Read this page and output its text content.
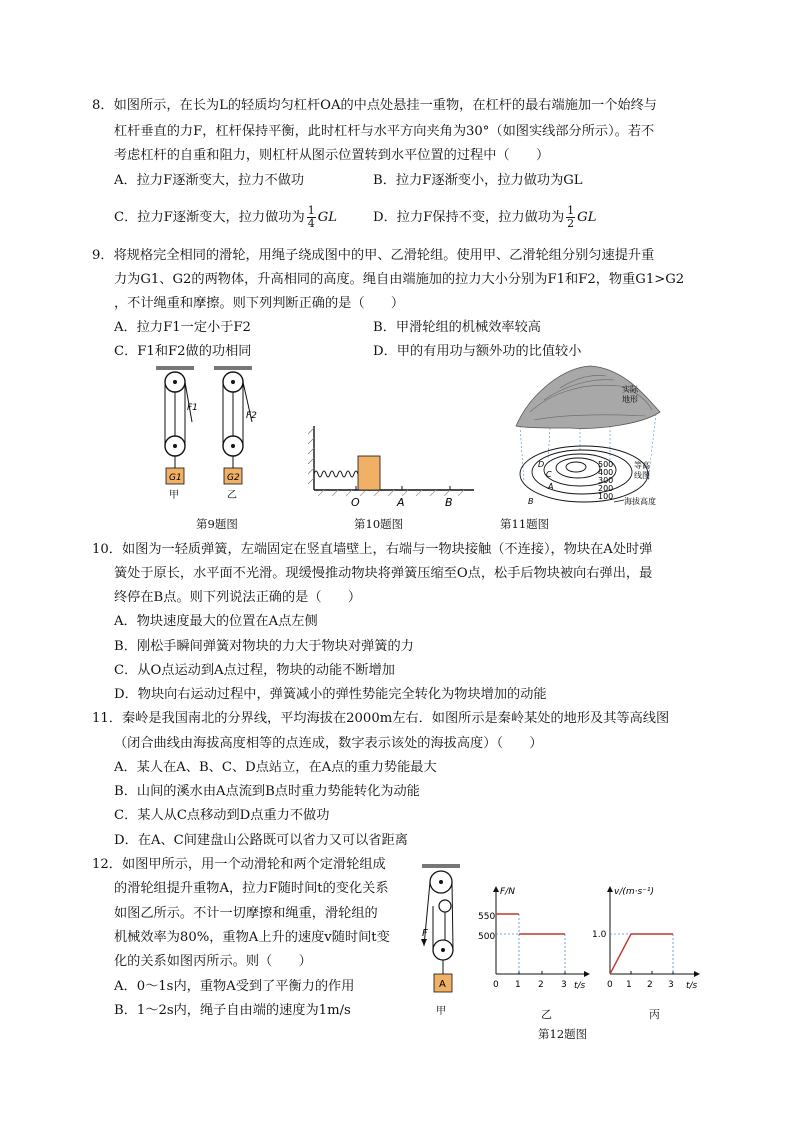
8．如图所示，在长为L的轻质均匀杠杆OA的中点处悬挂一重物，在杠杆的最右端施加一个始终与
杠杆垂直的力F，杠杆保持平衡，此时杠杆与水平方向夹角为30°（如图实线部分所示）。若不
考虑杠杆的自重和阻力，则杠杆从图示位置转到水平位置的过程中（　　）
A．拉力F逐渐变大，拉力不做功	B．拉力F逐渐变小，拉力做功为GL
C．拉力F逐渐变大，拉力做功为 $\frac{1}{4}$ GL	D．拉力F保持不变，拉力做功为 $\frac{1}{2}$ GL
9．将规格完全相同的滑轮，用绳子绕成图中的甲、乙滑轮组。使用甲、乙滑轮组分别匀速提升重
力为G1、G2的两物体，升高相同的高度。绳自由端施加的拉力大小分别为F1和F2，物重G1>G2
，不计绳重和摩擦。则下列判断正确的是（　　）
A．拉力F1一定小于F2	B．甲滑轮组的机械效率较高
C．F1和F2做的功相同	D．甲的有用功与额外功的比值较小
F1
G1
甲
F2
G2
乙
第9题图
O	A	B
第10题图
500
400
300
200
100
D
C
A
B
实际
地形
等高
线图
海拔高度
第11题图
10．如图为一轻质弹簧，左端固定在竖直墙壁上，右端与一物块接触（不连接），物块在A处时弹
簧处于原长，水平面不光滑。现缓慢推动物块将弹簧压缩至O点，松手后物块被向右弹出，最
终停在B点。则下列说法正确的是（　　）
A．物块速度最大的位置在A点左侧
B．刚松手瞬间弹簧对物块的力大于物块对弹簧的力
C．从O点运动到A点过程，物块的动能不断增加
D．物块向右运动过程中，弹簧减小的弹性势能完全转化为物块增加的动能
11．秦岭是我国南北的分界线，平均海拔在2000m左右．如图所示是秦岭某处的地形及其等高线图
（闭合曲线由海拔高度相等的点连成，数字表示该处的海拔高度）（　　）
A．某人在A、B、C、D点站立，在A点的重力势能最大
B．山间的溪水由A点流到B点时重力势能转化为动能
C．某人从C点移动到D点重力不做功
D．在A、C间建盘山公路既可以省力又可以省距离
12．如图甲所示，用一个动滑轮和两个定滑轮组成
的滑轮组提升重物A，拉力F随时间t的变化关系
如图乙所示。不计一切摩擦和绳重，滑轮组的
机械效率为80%，重物A上升的速度v随时间t变
化的关系如图丙所示。则（　　）
A．0～1s内，重物A受到了平衡力的作用
B．1～2s内，绳子自由端的速度为1m/s
F
A
甲
F/N
t/s
550
500
0 1 2 3
v/(m·s⁻¹)
t/s
1.0
0 1 2 3
乙	丙
第12题图
